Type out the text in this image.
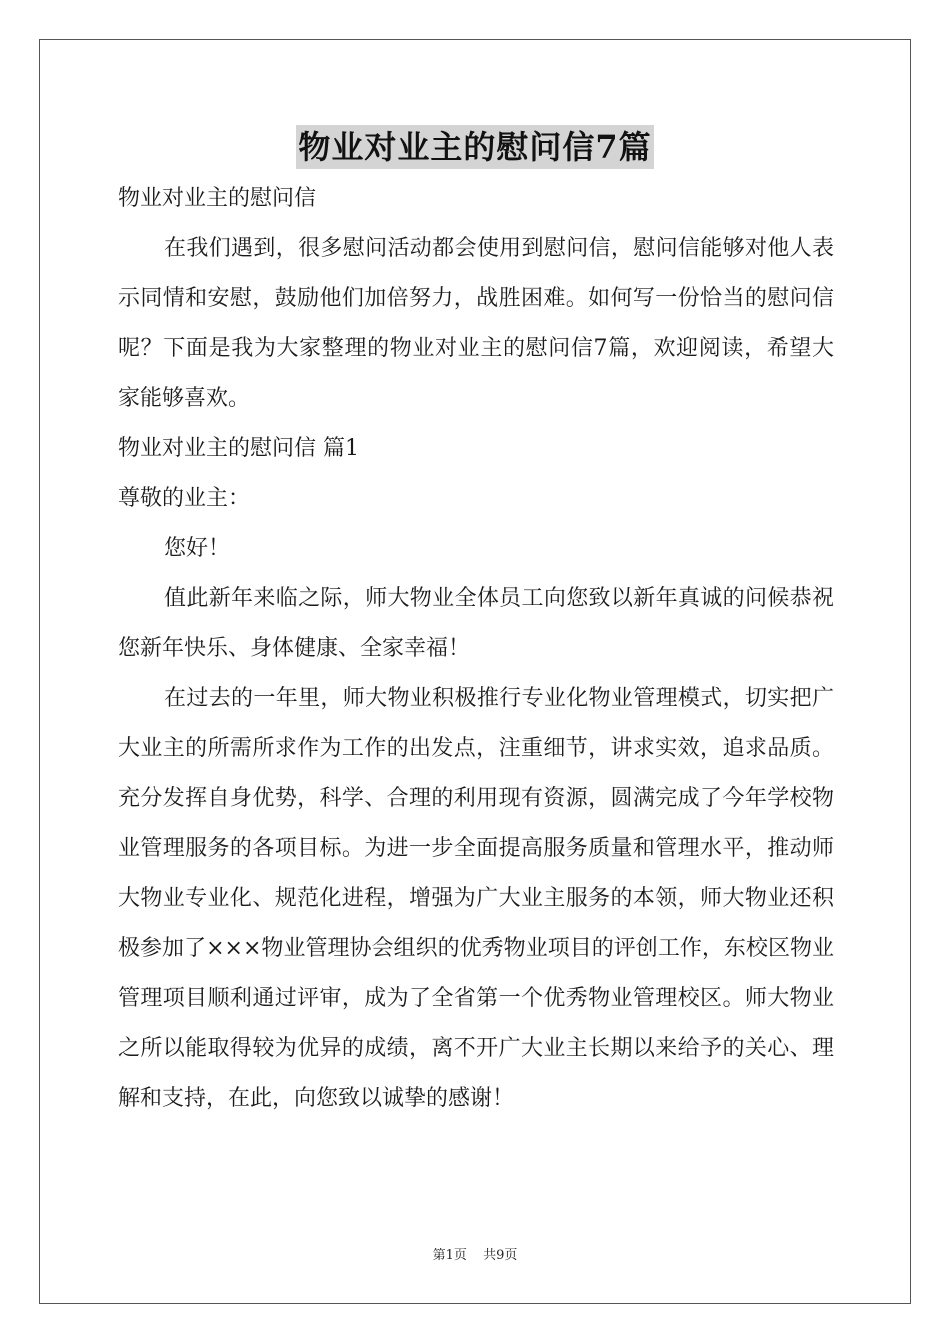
物业对业主的慰问信7篇
物业对业主的慰问信

在我们遇到，很多慰问活动都会使用到慰问信，慰问信能够对他人表示同情和安慰，鼓励他们加倍努力，战胜困难。如何写一份恰当的慰问信呢？下面是我为大家整理的物业对业主的慰问信7篇，欢迎阅读，希望大家能够喜欢。

物业对业主的慰问信 篇1
尊敬的业主：
您好！

值此新年来临之际，师大物业全体员工向您致以新年真诚的问候恭祝您新年快乐、身体健康、全家幸福！

在过去的一年里，师大物业积极推行专业化物业管理模式，切实把广大业主的所需所求作为工作的出发点，注重细节，讲求实效，追求品质。充分发挥自身优势，科学、合理的利用现有资源，圆满完成了今年学校物业管理服务的各项目标。为进一步全面提高服务质量和管理水平，推动师大物业专业化、规范化进程，增强为广大业主服务的本领，师大物业还积极参加了×××物业管理协会组织的优秀物业项目的评创工作，东校区物业管理项目顺利通过评审，成为了全省第一个优秀物业管理校区。师大物业之所以能取得较为优异的成绩，离不开广大业主长期以来给予的关心、理解和支持，在此，向您致以诚挚的感谢！

第1页 共9页
